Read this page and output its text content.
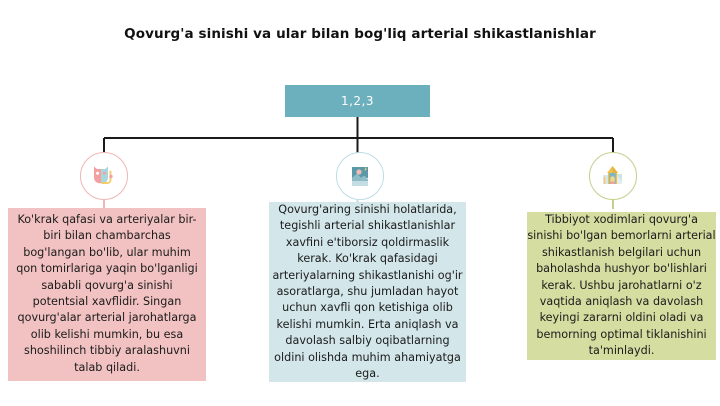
Qovurg'a sinishi va ular bilan bog'liq arterial shikastlanishlar
1,2,3
Ko'krak qafasi va arteriyalar bir-biri bilan chambarchas bog'langan bo'lib, ular muhim qon tomirlariga yaqin bo'lganligi sababli qovurg'a sinishi potentsial xavflidir. Singan qovurg'alar arterial jarohatlarga olib kelishi mumkin, bu esa shoshilinch tibbiy aralashuvni talab qiladi.
Qovurg'aring sinishi holatlarida, tegishli arterial shikastlanishlar xavfini e'tiborsiz qoldirmaslik kerak. Ko'krak qafasidagi arteriyalarning shikastlanishi og'ir asoratlarga, shu jumladan hayot uchun xavfli qon ketishiga olib kelishi mumkin. Erta aniqlash va davolash salbiy oqibatlarning oldini olishda muhim ahamiyatga ega.
Tibbiyot xodimlari qovurg'a sinishi bo'lgan bemorlarni arterial shikastlanish belgilari uchun baholashda hushyor bo'lishlari kerak. Ushbu jarohatlarni o'z vaqtida aniqlash va davolash keyingi zararni oldini oladi va bemorning optimal tiklanishini ta'minlaydi.
